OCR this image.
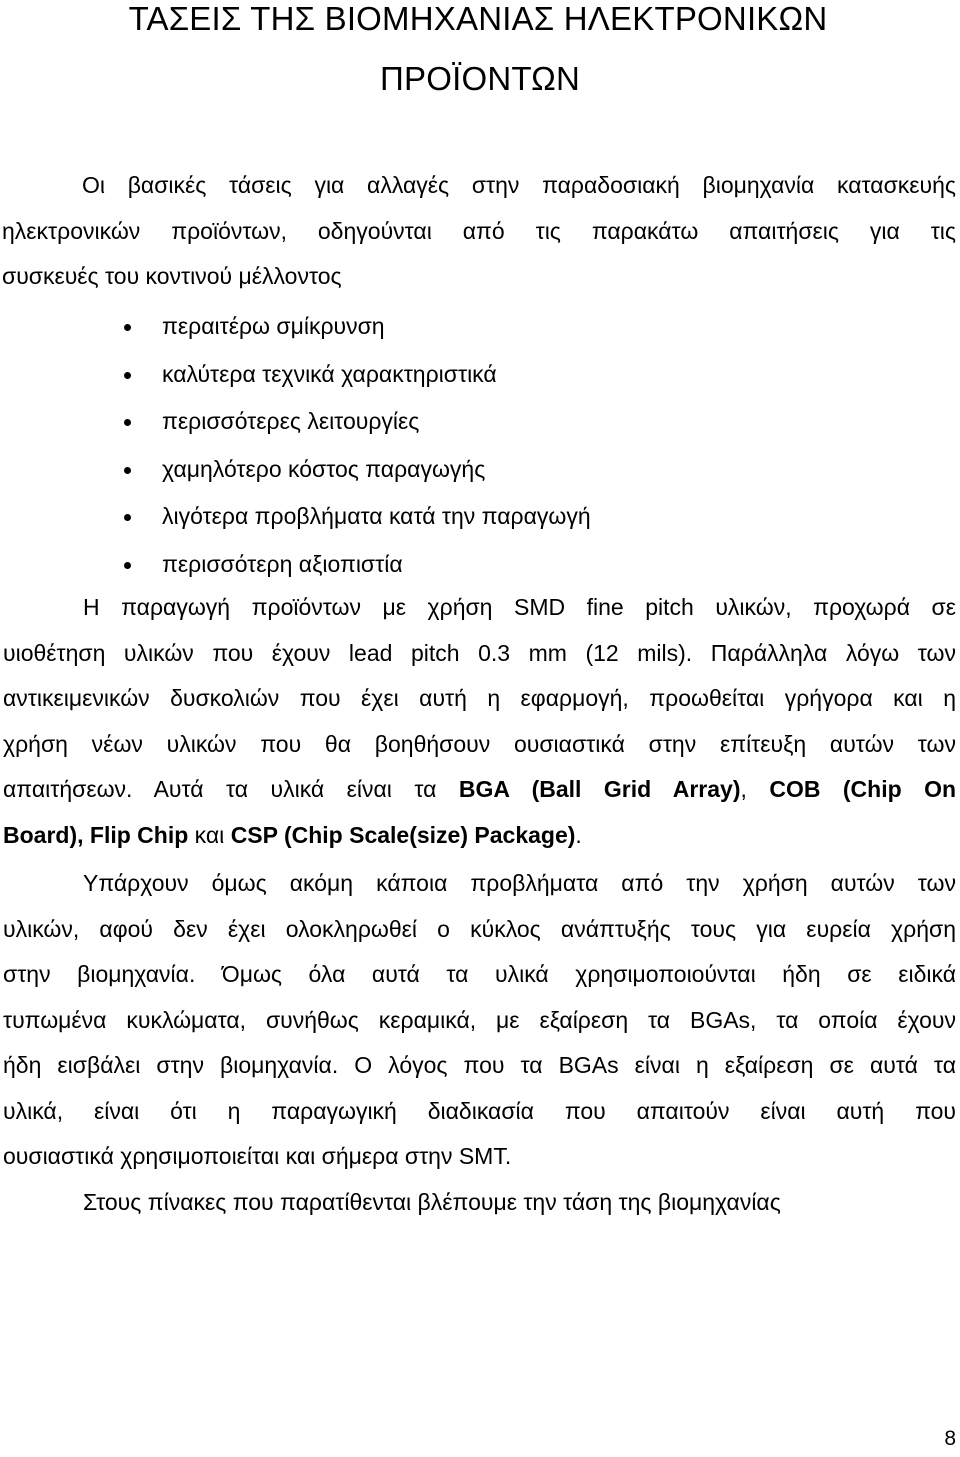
ΤΑΣΕΙΣ ΤΗΣ ΒΙΟΜΗΧΑΝΙΑΣ ΗΛΕΚΤΡΟΝΙΚΩΝ
ΠΡΟΪΟΝΤΩΝ
Οι βασικές τάσεις για αλλαγές στην παραδοσιακή βιομηχανία κατασκευής
ηλεκτρονικών προϊόντων, οδηγούνται από τις παρακάτω απαιτήσεις για τις
συσκευές του κοντινού μέλλοντος
περαιτέρω σμίκρυνση
καλύτερα τεχνικά χαρακτηριστικά
περισσότερες λειτουργίες
χαμηλότερο κόστος παραγωγής
λιγότερα προβλήματα κατά την παραγωγή
περισσότερη αξιοπιστία
Η παραγωγή προϊόντων με χρήση SMD fine pitch υλικών, προχωρά σε
υιοθέτηση υλικών που έχουν lead pitch 0.3 mm (12 mils). Παράλληλα λόγω των
αντικειμενικών δυσκολιών που έχει αυτή η εφαρμογή, προωθείται γρήγορα και η
χρήση νέων υλικών που θα βοηθήσουν ουσιαστικά στην επίτευξη αυτών των
απαιτήσεων. Αυτά τα υλικά είναι τα BGA (Ball Grid Array), COB (Chip On
Board), Flip Chip και CSP (Chip Scale(size) Package).
Υπάρχουν όμως ακόμη κάποια προβλήματα από την χρήση αυτών των
υλικών, αφού δεν έχει ολοκληρωθεί ο κύκλος ανάπτυξής τους για ευρεία χρήση
στην βιομηχανία. Όμως όλα αυτά τα υλικά χρησιμοποιούνται ήδη σε ειδικά
τυπωμένα κυκλώματα, συνήθως κεραμικά, με εξαίρεση τα BGAs, τα οποία έχουν
ήδη εισβάλει στην βιομηχανία. Ο λόγος που τα BGAs είναι η εξαίρεση σε αυτά τα
υλικά, είναι ότι η παραγωγική διαδικασία που απαιτούν είναι αυτή που
ουσιαστικά χρησιμοποιείται και σήμερα στην SMT.
Στους πίνακες που παρατίθενται βλέπουμε την τάση της βιομηχανίας
8
